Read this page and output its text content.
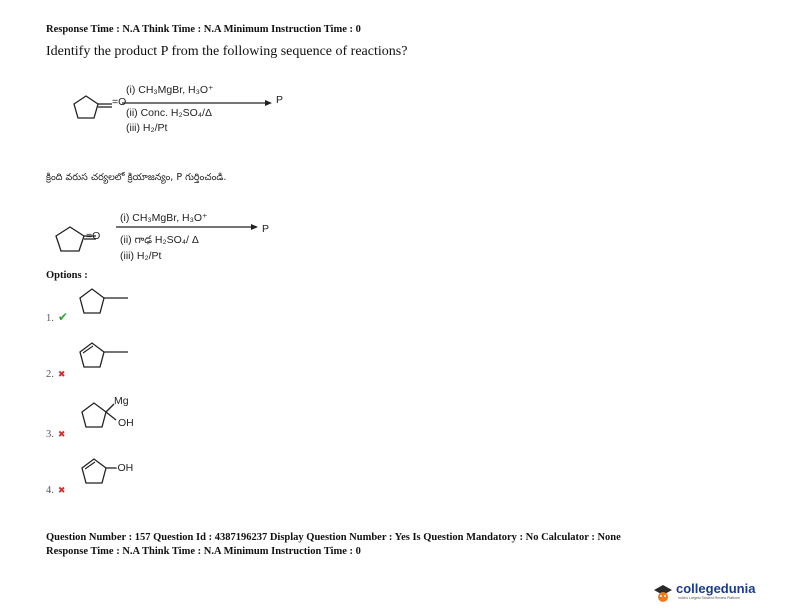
Response Time : N.A Think Time : N.A Minimum Instruction Time : 0
Identify the product P from the following sequence of reactions?
=O
(i) CH₃MgBr, H₃O⁺
(ii) Conc. H₂SO₄/Δ
(iii) H₂/Pt
P
క్రింది వరుస చర్యలలో క్రియాజన్యం, P గుర్తించండి.
=O
(i) CH₃MgBr, H₃O⁺
(ii) గాఢ H₂SO₄/ Δ
(iii) H₂/Pt
P
Options :
1. ✔
2. ✖
3. ✖
Mg
OH
4. ✖
-OH
Question Number : 157 Question Id : 4387196237 Display Question Number : Yes Is Question Mandatory : No Calculator : None
Response Time : N.A Think Time : N.A Minimum Instruction Time : 0
collegedunia
India's Largest Student Review Platform
